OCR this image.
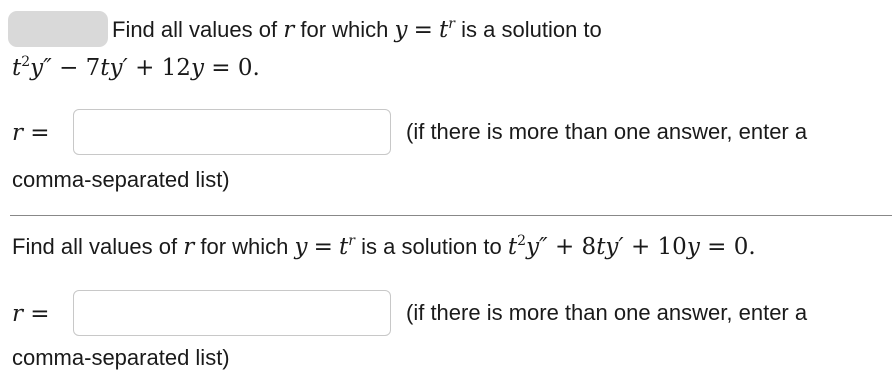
Find all values of r for which $y = t^r$ is a solution to
$t^2y'' - 7ty' + 12y = 0$.
r =	(if there is more than one answer, enter a
comma-separated list)
Find all values of r for which $y = t^r$ is a solution to $t^2y'' + 8ty' + 10y = 0$.
r =	(if there is more than one answer, enter a
comma-separated list)
